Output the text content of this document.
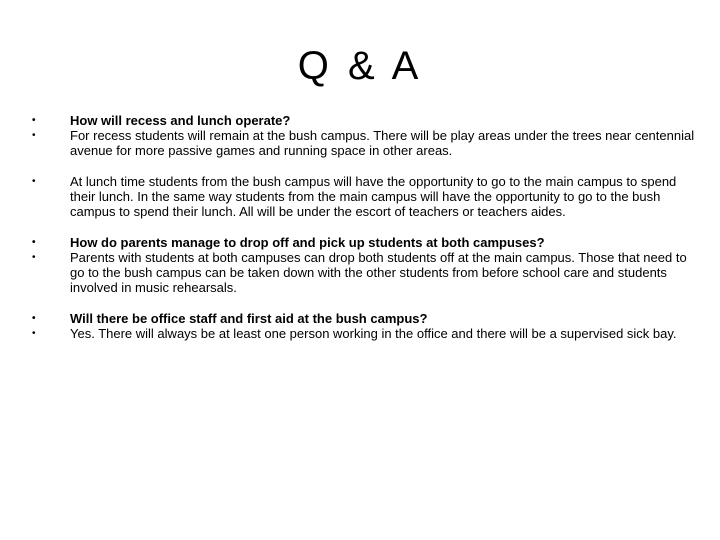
Q & A
•	How will recess and lunch operate?
•	For recess students will remain at the bush campus. There will be play areas under the trees near centennial avenue for more passive games and running space in other areas.
•	At lunch time students from the bush campus will have the opportunity to go to the main campus to spend their lunch. In the same way students from the main campus will have the opportunity to go to the bush campus to spend their lunch. All will be under the escort of teachers or teachers aides.
•	How do parents manage to drop off and pick up students at both campuses?
•	Parents with students at both campuses can drop both students off at the main campus. Those that need to go to the bush campus can be taken down with the other students from before school care and students involved in music rehearsals.
•	Will there be office staff and first aid at the bush campus?
•	Yes. There will always be at least one person working in the office and there will be a supervised sick bay.
